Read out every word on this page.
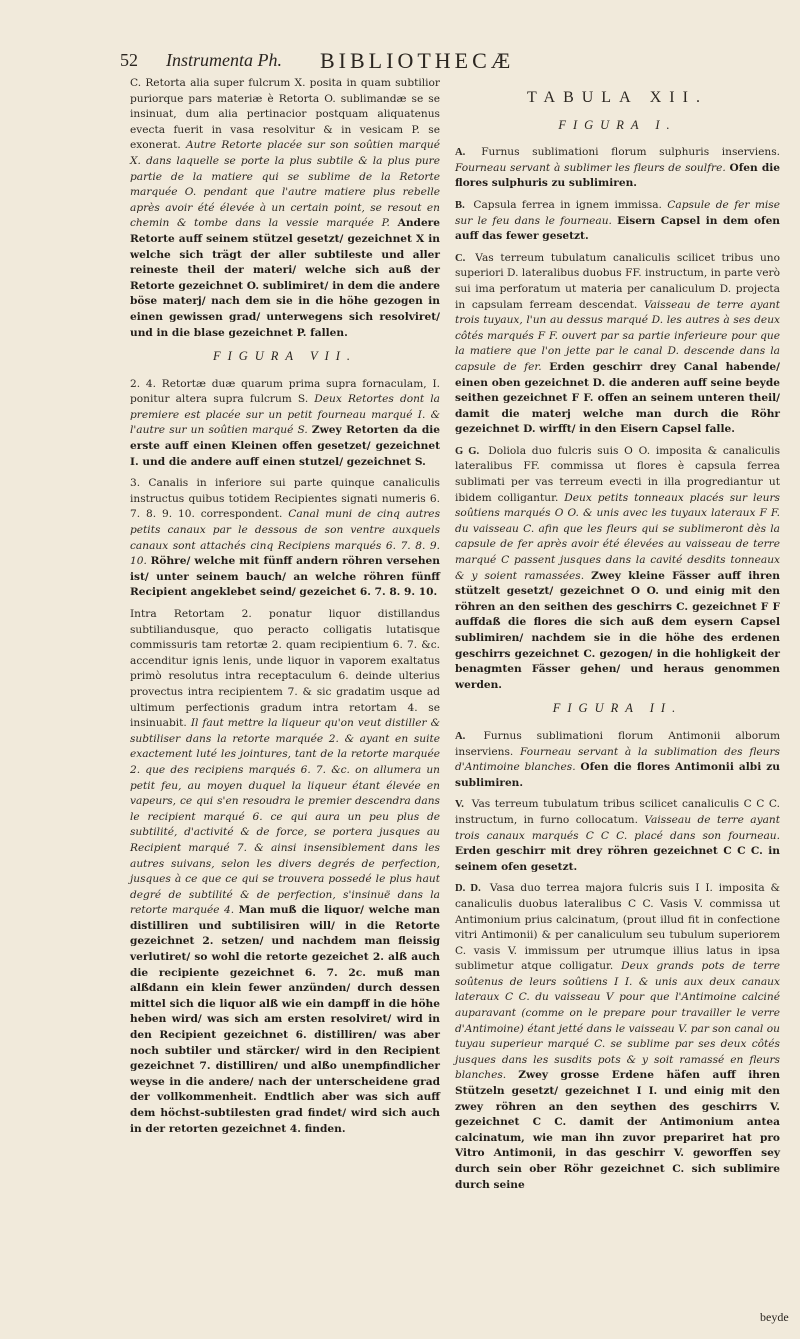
52 Instrumenta Ph. BIBLIOTHECÆ

C. Retorta alia super fulcrum X. posita in quam subtilior puriorque pars materiæ è Retorta O. sublimandæ se se insinuat, dum alia pertinacior postquam aliquatenus evecta fuerit in vasa resolvitur & in vesicam P. se exonerat. Autre Retorte placée sur son soûtien marqué X. dans laquelle se porte la plus subtile & la plus pure partie de la matiere qui se sublime de la Retorte marquée O. pendant que l'autre matiere plus rebelle après avoir été élevée à un certain point, se resout en chemin & tombe dans la vessie marquée P. Andere Retorte auff seinem stützel gesetzt/ gezeichnet X in welche sich trägt der aller subtileste und aller reineste theil der materi/ welche sich auß der Retorte gezeichnet O. sublimiret/ in dem die andere böse materj/ nach dem sie in die höhe gezogen in einen gewissen grad/ unterwegens sich resolviret/ und in die blase gezeichnet P. fallen.

FIGURA VII.

2. 4. Retortæ duæ quarum prima supra fornaculam, I. ponitur altera supra fulcrum S. Deux Retortes dont la premiere est placée sur un petit fourneau marqué I. & l'autre sur un soûtien marqué S. Zwey Retorten da die erste auff einen Kleinen offen gesetzet/ gezeichnet I. und die andere auff einen stutzel/ gezeichnet S.

3. Canalis in inferiore sui parte quinque canaliculis instructus quibus totidem Recipientes signati numeris 6. 7. 8. 9. 10. correspondent. Canal muni de cinq autres petits canaux par le dessous de son ventre auxquels canaux sont attachés cinq Recipiens marqués 6. 7. 8. 9. 10. Röhre/ welche mit fünff andern röhren versehen ist/ unter seinem bauch/ an welche röhren fünff Recipient angeklebet seind/ gezeichet 6. 7. 8. 9. 10.

Intra Retortam 2. ponatur liquor distillandus subtiliandusque, quo peracto colligatis lutatisque commissuris tam retortæ 2. quam recipientium 6. 7. &c. accenditur ignis lenis, unde liquor in vaporem exaltatus primò resolutus intra receptaculum 6. deinde ulterius provectus intra recipientem 7. & sic gradatim usque ad ultimum perfectionis gradum intra retortam 4. se insinuabit. Il faut mettre la liqueur qu'on veut distiller & subtiliser dans la retorte marquée 2. & ayant en suite exactement luté les jointures, tant de la retorte marquée 2. que des recipiens marqués 6. 7. &c. on allumera un petit feu, au moyen duquel la liqueur étant élevée en vapeurs, ce qui s'en resoudra le premier descendra dans le recipient marqué 6. ce qui aura un peu plus de subtilité, d'activité & de force, se portera jusques au Recipient marqué 7. & ainsi insensiblement dans les autres suivans, selon les divers degrés de perfection, jusques à ce que ce qui se trouvera possedé le plus haut degré de subtilité & de perfection, s'insinuë dans la retorte marquée 4. Man muß die liquor/ welche man distilliren und subtilisiren will/ in die Retorte gezeichnet 2. setzen/ und nachdem man fleissig verlutiret/ so wohl die retorte gezeichet 2. alß auch die recipiente gezeichnet 6. 7. 2c. muß man alßdann ein klein fewer anzünden/ durch dessen mittel sich die liquor alß wie ein dampff in die höhe heben wird/ was sich am ersten resolviret/ wird in den Recipient gezeichnet 6. distilliren/ was aber noch subtiler und stärcker/ wird in den Recipient gezeichnet 7. distilliren/ und alßo unempfindlicher weyse in die andere/ nach der unterscheidene grad der vollkommenheit. Endtlich aber was sich auff dem höchst-subtilesten grad findet/ wird sich auch in der retorten gezeichnet 4. finden.

TABULA XII.
FIGURA I.

A. Furnus sublimationi florum sulphuris inserviens. Fourneau servant à sublimer les fleurs de soulfre. Ofen die flores sulphuris zu sublimiren.

B. Capsula ferrea in ignem immissa. Capsule de fer mise sur le feu dans le fourneau. Eisern Capsel in dem ofen auff das fewer gesetzt.

C. Vas terreum tubulatum canaliculis scilicet tribus uno superiori D. lateralibus duobus FF. instructum, in parte verò sui ima perforatum ut materia per canaliculum D. projecta in capsulam ferream descendat. Vaisseau de terre ayant trois tuyaux, l'un au dessus marqué D. les autres à ses deux côtés marqués F F. ouvert par sa partie inferieure pour que la matiere que l'on jette par le canal D. descende dans la capsule de fer. Erden geschirr drey Canal habende/ einen oben gezeichnet D. die anderen auff seine beyde seithen gezeichnet F F. offen an seinem unteren theil/ damit die materj welche man durch die Röhr gezeichnet D. wirfft/ in den Eisern Capsel falle.

G G. Doliola duo fulcris suis O O. imposita & canaliculis lateralibus FF. commissa ut flores è capsula ferrea sublimati per vas terreum evecti in illa progrediantur ut ibidem colligantur. Deux petits tonneaux placés sur leurs soûtiens marqués O O. & unis avec les tuyaux lateraux F F. du vaisseau C. afin que les fleurs qui se sublimeront dès la capsule de fer après avoir été élevées au vaisseau de terre marqué C passent jusques dans la cavité desdits tonneaux & y soient ramassées. Zwey kleine Fässer auff ihren stützelt gesetzt/ gezeichnet O O. und einig mit den röhren an den seithen des geschirrs C. gezeichnet F F auffdaß die flores die sich auß dem eysern Capsel sublimiren/ nachdem sie in die höhe des erdenen geschirrs gezeichnet C. gezogen/ in die hohligkeit der benagmten Fässer gehen/ und heraus genommen werden.

FIGURA II.

A. Furnus sublimationi florum Antimonii alborum inserviens. Fourneau servant à la sublimation des fleurs d'Antimoine blanches. Ofen die flores Antimonii albi zu sublimiren.

V. Vas terreum tubulatum tribus scilicet canaliculis C C C. instructum, in furno collocatum. Vaisseau de terre ayant trois canaux marqués C C C. placé dans son fourneau. Erden geschirr mit drey röhren gezeichnet C C C. in seinem ofen gesetzt.

D. D. Vasa duo terrea majora fulcris suis I I. imposita & canaliculis duobus lateralibus C C. Vasis V. commissa ut Antimonium prius calcinatum, (prout illud fit in confectione vitri Antimonii) & per canaliculum seu tubulum superiorem C. vasis V. immissum per utrumque illius latus in ipsa sublimetur atque colligatur. Deux grands pots de terre soûtenus de leurs soûtiens I I. & unis aux deux canaux lateraux C C. du vaisseau V pour que l'Antimoine calciné auparavant (comme on le prepare pour travailler le verre d'Antimoine) étant jetté dans le vaisseau V. par son canal ou tuyau superieur marqué C. se sublime par ses deux côtés jusques dans les susdits pots & y soit ramassé en fleurs blanches. Zwey grosse Erdene häfen auff ihren Stützeln gesetzt/ gezeichnet I I. und einig mit den zwey röhren an den seythen des geschirrs V. gezeichnet C C. damit der Antimonium antea calcinatum, wie man ihn zuvor prepariret hat pro Vitro Antimonii, in das geschirr V. geworffen sey durch sein ober Röhr gezeichnet C. sich sublimire durch seine

beyde
